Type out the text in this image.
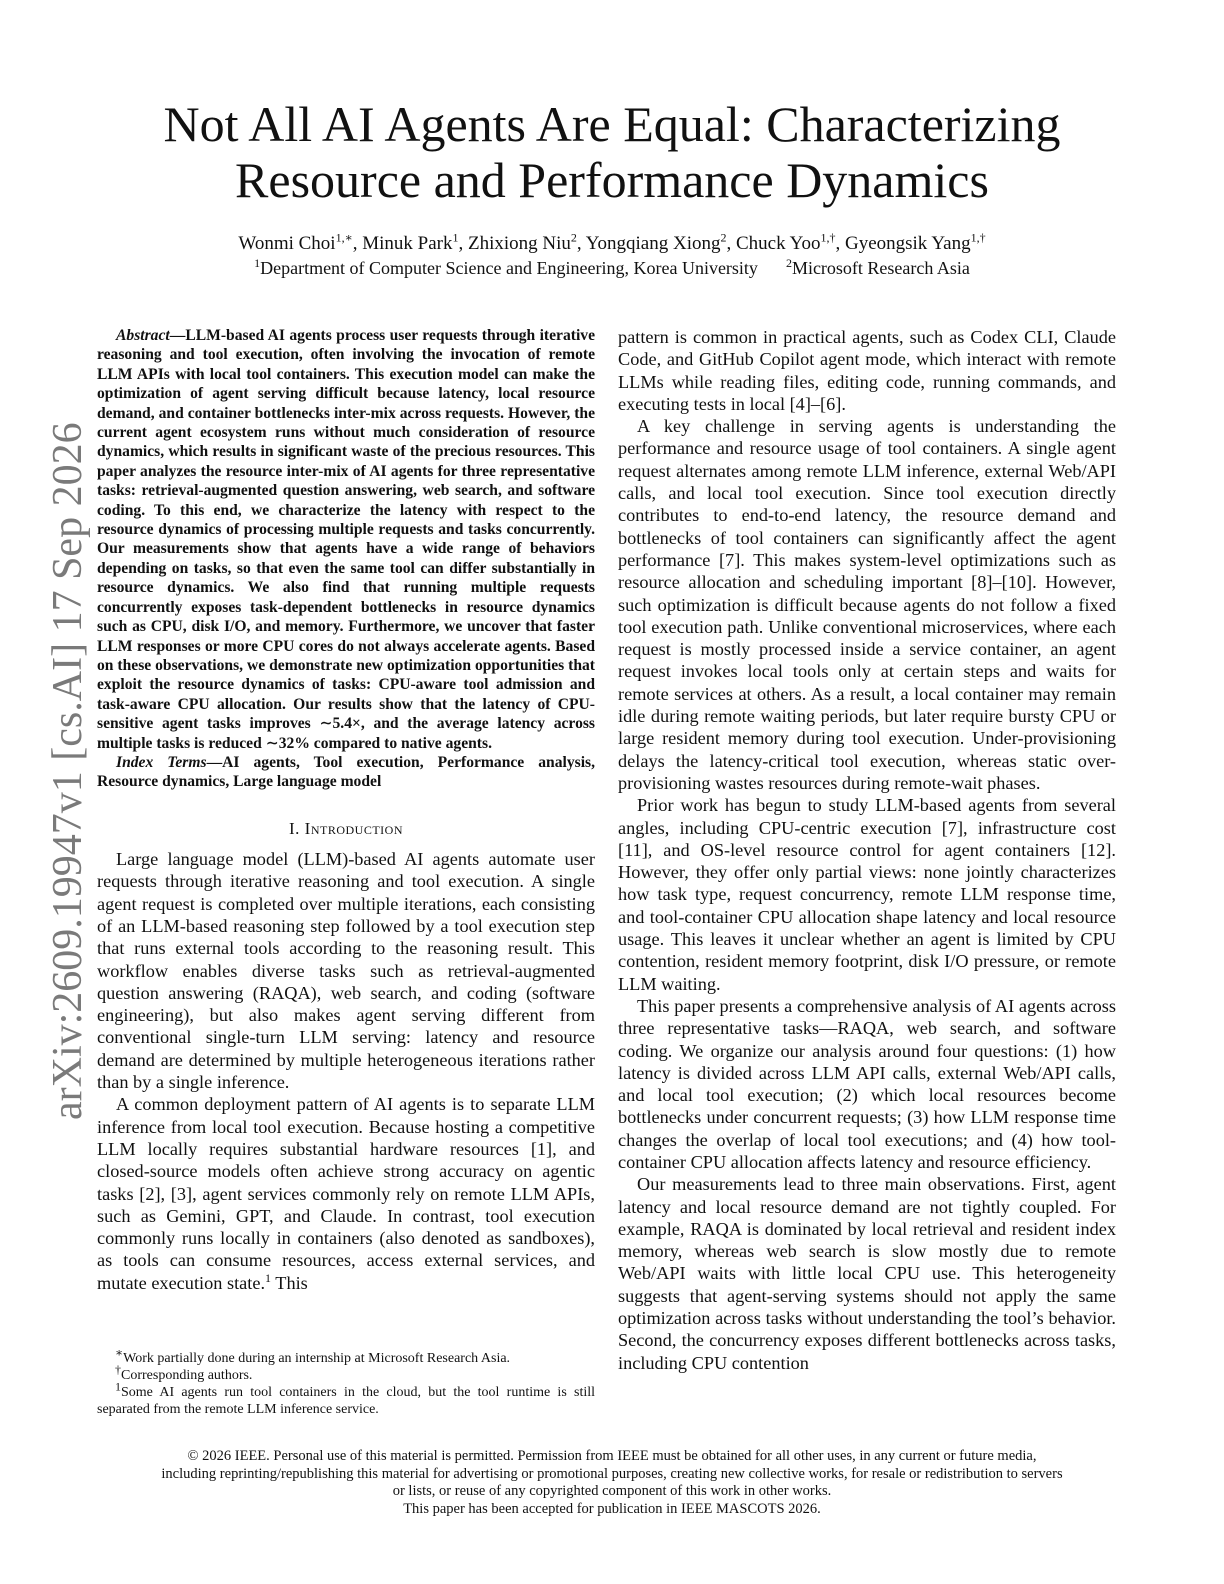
arXiv:2609.19947v1 [cs.AI] 17 Sep 2026
Not All AI Agents Are Equal: Characterizing
Resource and Performance Dynamics
Wonmi Choi$^{1,∗}$, Minuk Park$^1$, Zhixiong Niu$^2$, Yongqiang Xiong$^2$, Chuck Yoo$^{1,\dagger}$, Gyeongsik Yang$^{1,\dagger}$
$^1$Department of Computer Science and Engineering, Korea University $^2$Microsoft Research Asia

Abstract—LLM-based AI agents process user requests through iterative reasoning and tool execution, often involving the invocation of remote LLM APIs with local tool containers. This execution model can make the optimization of agent serving difficult because latency, local resource demand, and container bottlenecks inter-mix across requests. However, the current agent ecosystem runs without much consideration of resource dynamics, which results in significant waste of the precious resources. This paper analyzes the resource inter-mix of AI agents for three representative tasks: retrieval-augmented question answering, web search, and software coding. To this end, we characterize the latency with respect to the resource dynamics of processing multiple requests and tasks concurrently. Our measurements show that agents have a wide range of behaviors depending on tasks, so that even the same tool can differ substantially in resource dynamics. We also find that running multiple requests concurrently exposes task-dependent bottlenecks in resource dynamics such as CPU, disk I/O, and memory. Furthermore, we uncover that faster LLM responses or more CPU cores do not always accelerate agents. Based on these observations, we demonstrate new optimization opportunities that exploit the resource dynamics of tasks: CPU-aware tool admission and task-aware CPU allocation. Our results show that the latency of CPU-sensitive agent tasks improves ∼5.4×, and the average latency across multiple tasks is reduced ∼32% compared to native agents.

Index Terms—AI agents, Tool execution, Performance analysis, Resource dynamics, Large language model

I. Introduction

Large language model (LLM)-based AI agents automate user requests through iterative reasoning and tool execution. A single agent request is completed over multiple iterations, each consisting of an LLM-based reasoning step followed by a tool execution step that runs external tools according to the reasoning result. This workflow enables diverse tasks such as retrieval-augmented question answering (RAQA), web search, and coding (software engineering), but also makes agent serving different from conventional single-turn LLM serving: latency and resource demand are determined by multiple heterogeneous iterations rather than by a single inference.

A common deployment pattern of AI agents is to separate LLM inference from local tool execution. Because hosting a competitive LLM locally requires substantial hardware resources [1], and closed-source models often achieve strong accuracy on agentic tasks [2], [3], agent services commonly rely on remote LLM APIs, such as Gemini, GPT, and Claude. In contrast, tool execution commonly runs locally in containers (also denoted as sandboxes), as tools can consume resources, access external services, and mutate execution state.$^1$ This

∗Work partially done during an internship at Microsoft Research Asia.
†Corresponding authors.
$^1$Some AI agents run tool containers in the cloud, but the tool runtime is still separated from the remote LLM inference service.

pattern is common in practical agents, such as Codex CLI, Claude Code, and GitHub Copilot agent mode, which interact with remote LLMs while reading files, editing code, running commands, and executing tests in local [4]–[6].

A key challenge in serving agents is understanding the performance and resource usage of tool containers. A single agent request alternates among remote LLM inference, external Web/API calls, and local tool execution. Since tool execution directly contributes to end-to-end latency, the resource demand and bottlenecks of tool containers can significantly affect the agent performance [7]. This makes system-level optimizations such as resource allocation and scheduling important [8]–[10]. However, such optimization is difficult because agents do not follow a fixed tool execution path. Unlike conventional microservices, where each request is mostly processed inside a service container, an agent request invokes local tools only at certain steps and waits for remote services at others. As a result, a local container may remain idle during remote waiting periods, but later require bursty CPU or large resident memory during tool execution. Under-provisioning delays the latency-critical tool execution, whereas static over-provisioning wastes resources during remote-wait phases.

Prior work has begun to study LLM-based agents from several angles, including CPU-centric execution [7], infrastructure cost [11], and OS-level resource control for agent containers [12]. However, they offer only partial views: none jointly characterizes how task type, request concurrency, remote LLM response time, and tool-container CPU allocation shape latency and local resource usage. This leaves it unclear whether an agent is limited by CPU contention, resident memory footprint, disk I/O pressure, or remote LLM waiting.

This paper presents a comprehensive analysis of AI agents across three representative tasks—RAQA, web search, and software coding. We organize our analysis around four questions: (1) how latency is divided across LLM API calls, external Web/API calls, and local tool execution; (2) which local resources become bottlenecks under concurrent requests; (3) how LLM response time changes the overlap of local tool executions; and (4) how tool-container CPU allocation affects latency and resource efficiency.

Our measurements lead to three main observations. First, agent latency and local resource demand are not tightly coupled. For example, RAQA is dominated by local retrieval and resident index memory, whereas web search is slow mostly due to remote Web/API waits with little local CPU use. This heterogeneity suggests that agent-serving systems should not apply the same optimization across tasks without understanding the tool’s behavior. Second, the concurrency exposes different bottlenecks across tasks, including CPU contention

© 2026 IEEE. Personal use of this material is permitted. Permission from IEEE must be obtained for all other uses, in any current or future media,
including reprinting/republishing this material for advertising or promotional purposes, creating new collective works, for resale or redistribution to servers
or lists, or reuse of any copyrighted component of this work in other works.
This paper has been accepted for publication in IEEE MASCOTS 2026.
